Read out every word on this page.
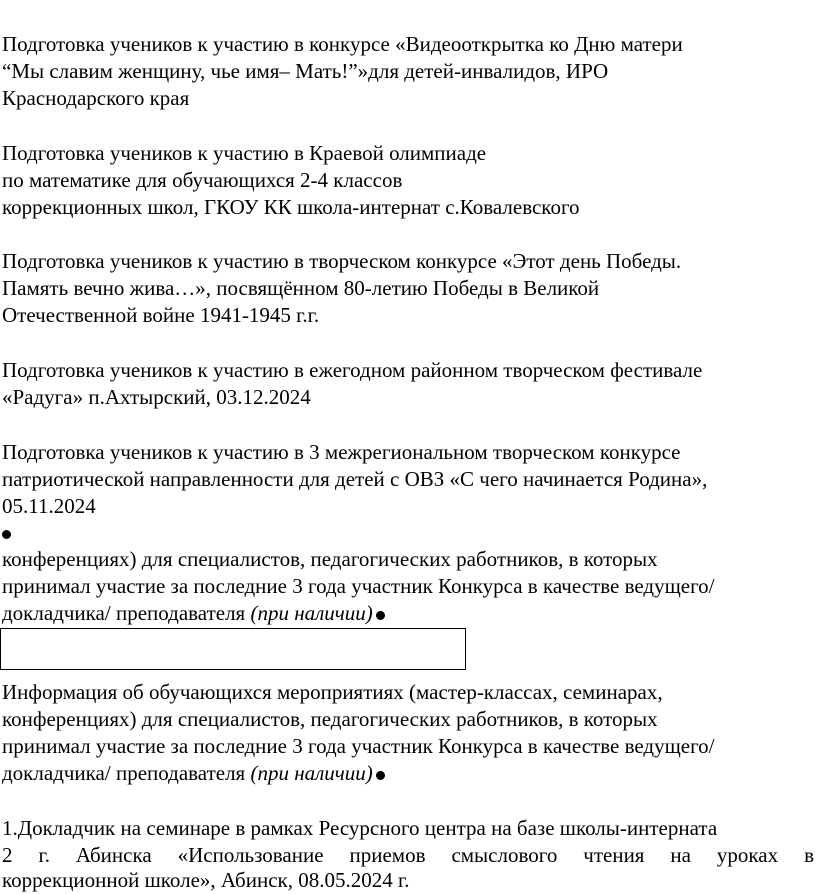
Подготовка учеников к участию в конкурсе «Видеооткрытка ко Дню матери
“Мы славим женщину, чье имя– Мать!”»для детей-инвалидов, ИРО
Краснодарского края
Подготовка учеников к участию в Краевой олимпиаде
по математике для обучающихся 2-4 классов
коррекционных школ, ГКОУ КК школа-интернат с.Ковалевского
Подготовка учеников к участию в творческом конкурсе «Этот день Победы.
Память вечно жива…», посвящённом 80-летию Победы в Великой
Отечественной войне 1941-1945 г.г.
Подготовка учеников к участию в ежегодном районном творческом фестивале
«Радуга» п.Ахтырский, 03.12.2024
Подготовка учеников к участию в 3 межрегиональном творческом конкурсе
патриотической направленности для детей с ОВЗ «С чего начинается Родина»,
05.11.2024
конференциях) для специалистов, педагогических работников, в которых
принимал участие за последние 3 года участник Конкурса в качестве ведущего/
докладчика/ преподавателя (при наличии)
Информация об обучающихся мероприятиях (мастер-классах, семинарах,
конференциях) для специалистов, педагогических работников, в которых
принимал участие за последние 3 года участник Конкурса в качестве ведущего/
докладчика/ преподавателя (при наличии)
1.Докладчик на семинаре в рамках Ресурсного центра на базе школы-интерната
2 г. Абинска «Использование приемов смыслового чтения на уроках в
коррекционной школе», Абинск, 08.05.2024 г.
